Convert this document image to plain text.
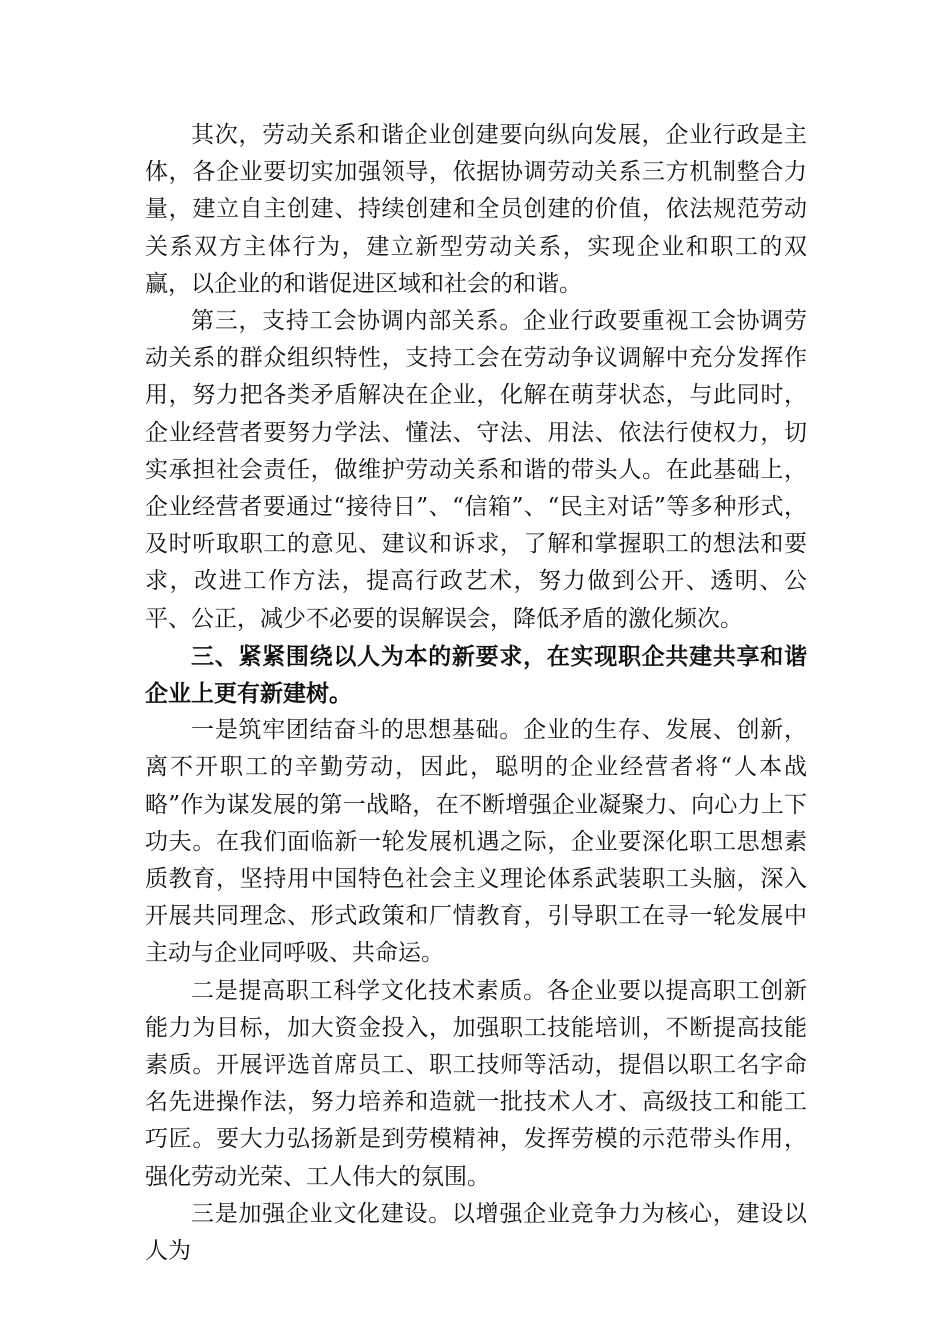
其次，劳动关系和谐企业创建要向纵向发展，企业行政是主体，各企业要切实加强领导，依据协调劳动关系三方机制整合力量，建立自主创建、持续创建和全员创建的价值，依法规范劳动关系双方主体行为，建立新型劳动关系，实现企业和职工的双赢，以企业的和谐促进区域和社会的和谐。

第三，支持工会协调内部关系。企业行政要重视工会协调劳动关系的群众组织特性，支持工会在劳动争议调解中充分发挥作用，努力把各类矛盾解决在企业，化解在萌芽状态，与此同时，企业经营者要努力学法、懂法、守法、用法、依法行使权力，切实承担社会责任，做维护劳动关系和谐的带头人。在此基础上，企业经营者要通过“接待日”、“信箱”、“民主对话”等多种形式，及时听取职工的意见、建议和诉求，了解和掌握职工的想法和要求，改进工作方法，提高行政艺术，努力做到公开、透明、公平、公正，减少不必要的误解误会，降低矛盾的激化频次。

三、紧紧围绕以人为本的新要求，在实现职企共建共享和谐企业上更有新建树。

一是筑牢团结奋斗的思想基础。企业的生存、发展、创新，离不开职工的辛勤劳动，因此，聪明的企业经营者将“人本战略”作为谋发展的第一战略，在不断增强企业凝聚力、向心力上下功夫。在我们面临新一轮发展机遇之际，企业要深化职工思想素质教育，坚持用中国特色社会主义理论体系武装职工头脑，深入开展共同理念、形式政策和厂情教育，引导职工在寻一轮发展中主动与企业同呼吸、共命运。

二是提高职工科学文化技术素质。各企业要以提高职工创新能力为目标，加大资金投入，加强职工技能培训，不断提高技能素质。开展评选首席员工、职工技师等活动，提倡以职工名字命名先进操作法，努力培养和造就一批技术人才、高级技工和能工巧匠。要大力弘扬新是到劳模精神，发挥劳模的示范带头作用，强化劳动光荣、工人伟大的氛围。

三是加强企业文化建设。以增强企业竞争力为核心，建设以人为
